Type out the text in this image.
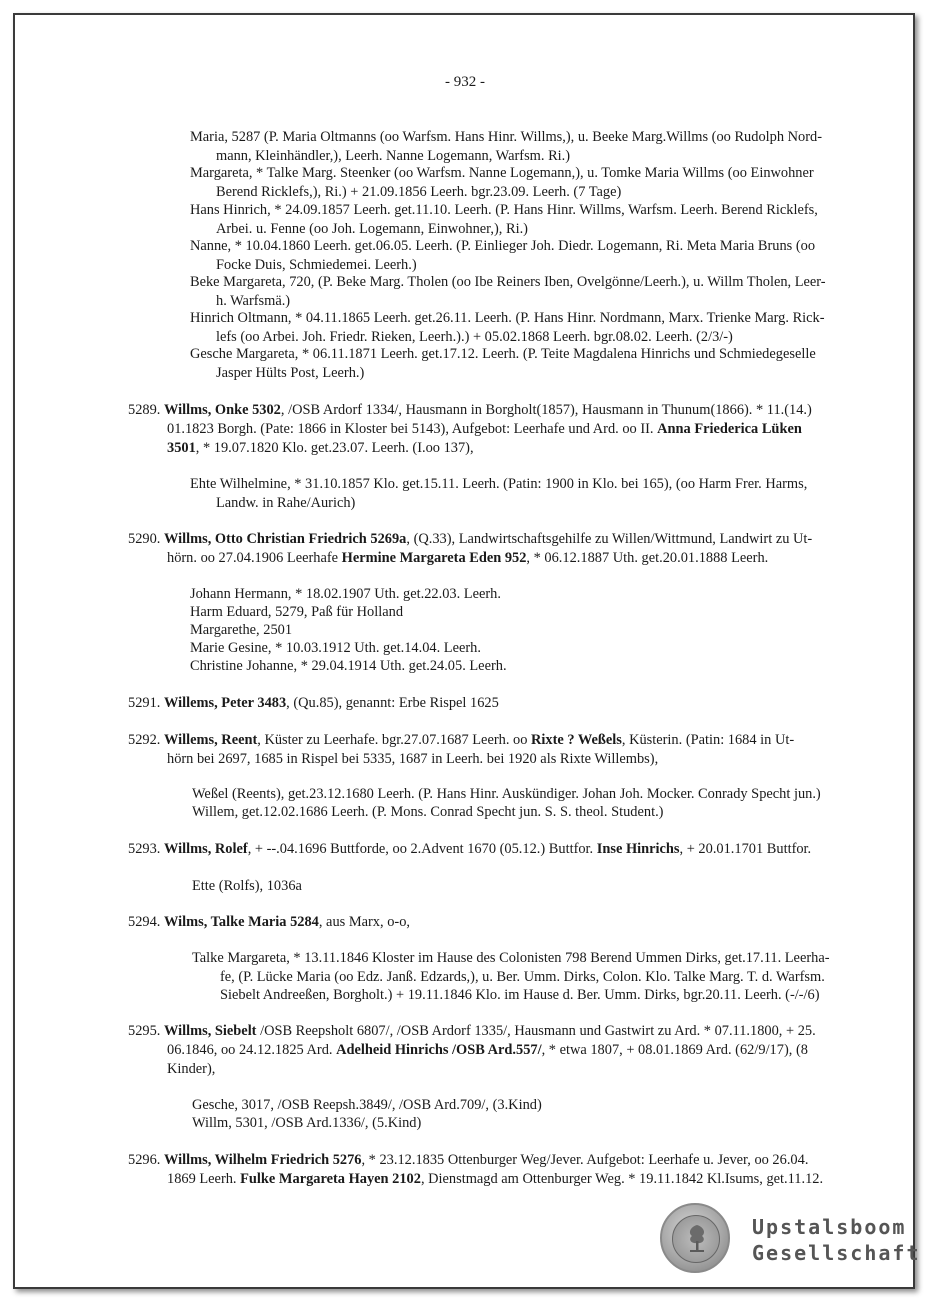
- 932 -
Maria, 5287 (P. Maria Oltmanns (oo Warfsm. Hans Hinr. Willms,), u. Beeke Marg.Willms (oo Rudolph Nord-
mann, Kleinhändler,), Leerh. Nanne Logemann, Warfsm. Ri.)
Margareta, * Talke Marg. Steenker (oo Warfsm. Nanne Logemann,), u. Tomke Maria Willms (oo Einwohner
Berend Ricklefs,), Ri.) + 21.09.1856 Leerh. bgr.23.09. Leerh. (7 Tage)
Hans Hinrich, * 24.09.1857 Leerh. get.11.10. Leerh. (P. Hans Hinr. Willms, Warfsm. Leerh. Berend Ricklefs,
Arbei. u. Fenne (oo Joh. Logemann, Einwohner,), Ri.)
Nanne, * 10.04.1860 Leerh. get.06.05. Leerh. (P. Einlieger Joh. Diedr. Logemann, Ri. Meta Maria Bruns (oo
Focke Duis, Schmiedemei. Leerh.)
Beke Margareta, 720, (P. Beke Marg. Tholen (oo Ibe Reiners Iben, Ovelgönne/Leerh.), u. Willm Tholen, Leer-
h. Warfsmä.)
Hinrich Oltmann, * 04.11.1865 Leerh. get.26.11. Leerh. (P. Hans Hinr. Nordmann, Marx. Trienke Marg. Rick-
lefs (oo Arbei. Joh. Friedr. Rieken, Leerh.).) + 05.02.1868 Leerh. bgr.08.02. Leerh. (2/3/-)
Gesche Margareta, * 06.11.1871 Leerh. get.17.12. Leerh. (P. Teite Magdalena Hinrichs und Schmiedegeselle
Jasper Hülts Post, Leerh.)
5289. Willms, Onke 5302, /OSB Ardorf 1334/, Hausmann in Borgholt(1857), Hausmann in Thunum(1866). * 11.(14.)
01.1823 Borgh. (Pate: 1866 in Kloster bei 5143), Aufgebot: Leerhafe und Ard. oo II. Anna Friederica Lüken
3501, * 19.07.1820 Klo. get.23.07. Leerh. (I.oo 137),
Ehte Wilhelmine, * 31.10.1857 Klo. get.15.11. Leerh. (Patin: 1900 in Klo. bei 165), (oo Harm Frer. Harms,
Landw. in Rahe/Aurich)
5290. Willms, Otto Christian Friedrich 5269a, (Q.33), Landwirtschaftsgehilfe zu Willen/Wittmund, Landwirt zu Ut-
hörn. oo 27.04.1906 Leerhafe Hermine Margareta Eden 952, * 06.12.1887 Uth. get.20.01.1888 Leerh.
Johann Hermann, * 18.02.1907 Uth. get.22.03. Leerh.
Harm Eduard, 5279, Paß für Holland
Margarethe, 2501
Marie Gesine, * 10.03.1912 Uth. get.14.04. Leerh.
Christine Johanne, * 29.04.1914 Uth. get.24.05. Leerh.
5291. Willems, Peter 3483, (Qu.85), genannt: Erbe Rispel 1625
5292. Willems, Reent, Küster zu Leerhafe. bgr.27.07.1687 Leerh. oo Rixte ? Weßels, Küsterin. (Patin: 1684 in Ut-
hörn bei 2697, 1685 in Rispel bei 5335, 1687 in Leerh. bei 1920 als Rixte Willembs),
Weßel (Reents), get.23.12.1680 Leerh. (P. Hans Hinr. Auskündiger. Johan Joh. Mocker. Conrady Specht jun.)
Willem, get.12.02.1686 Leerh. (P. Mons. Conrad Specht jun. S. S. theol. Student.)
5293. Willms, Rolef, + --.04.1696 Buttforde, oo 2.Advent 1670 (05.12.) Buttfor. Inse Hinrichs, + 20.01.1701 Buttfor.
Ette (Rolfs), 1036a
5294. Wilms, Talke Maria 5284, aus Marx, o-o,
Talke Margareta, * 13.11.1846 Kloster im Hause des Colonisten 798 Berend Ummen Dirks, get.17.11. Leerha-
fe, (P. Lücke Maria (oo Edz. Janß. Edzards,), u. Ber. Umm. Dirks, Colon. Klo. Talke Marg. T. d. Warfsm.
Siebelt Andreeßen, Borgholt.) + 19.11.1846 Klo. im Hause d. Ber. Umm. Dirks, bgr.20.11. Leerh. (-/-/6)
5295. Willms, Siebelt /OSB Reepsholt 6807/, /OSB Ardorf 1335/, Hausmann und Gastwirt zu Ard. * 07.11.1800, + 25.
06.1846, oo 24.12.1825 Ard. Adelheid Hinrichs /OSB Ard.557/, * etwa 1807, + 08.01.1869 Ard. (62/9/17), (8
Kinder),
Gesche, 3017, /OSB Reepsh.3849/, /OSB Ard.709/, (3.Kind)
Willm, 5301, /OSB Ard.1336/, (5.Kind)
5296. Willms, Wilhelm Friedrich 5276, * 23.12.1835 Ottenburger Weg/Jever. Aufgebot: Leerhafe u. Jever, oo 26.04.
1869 Leerh. Fulke Margareta Hayen 2102, Dienstmagd am Ottenburger Weg. * 19.11.1842 Kl.Isums, get.11.12.
Upstalsboom
Gesellschaft
